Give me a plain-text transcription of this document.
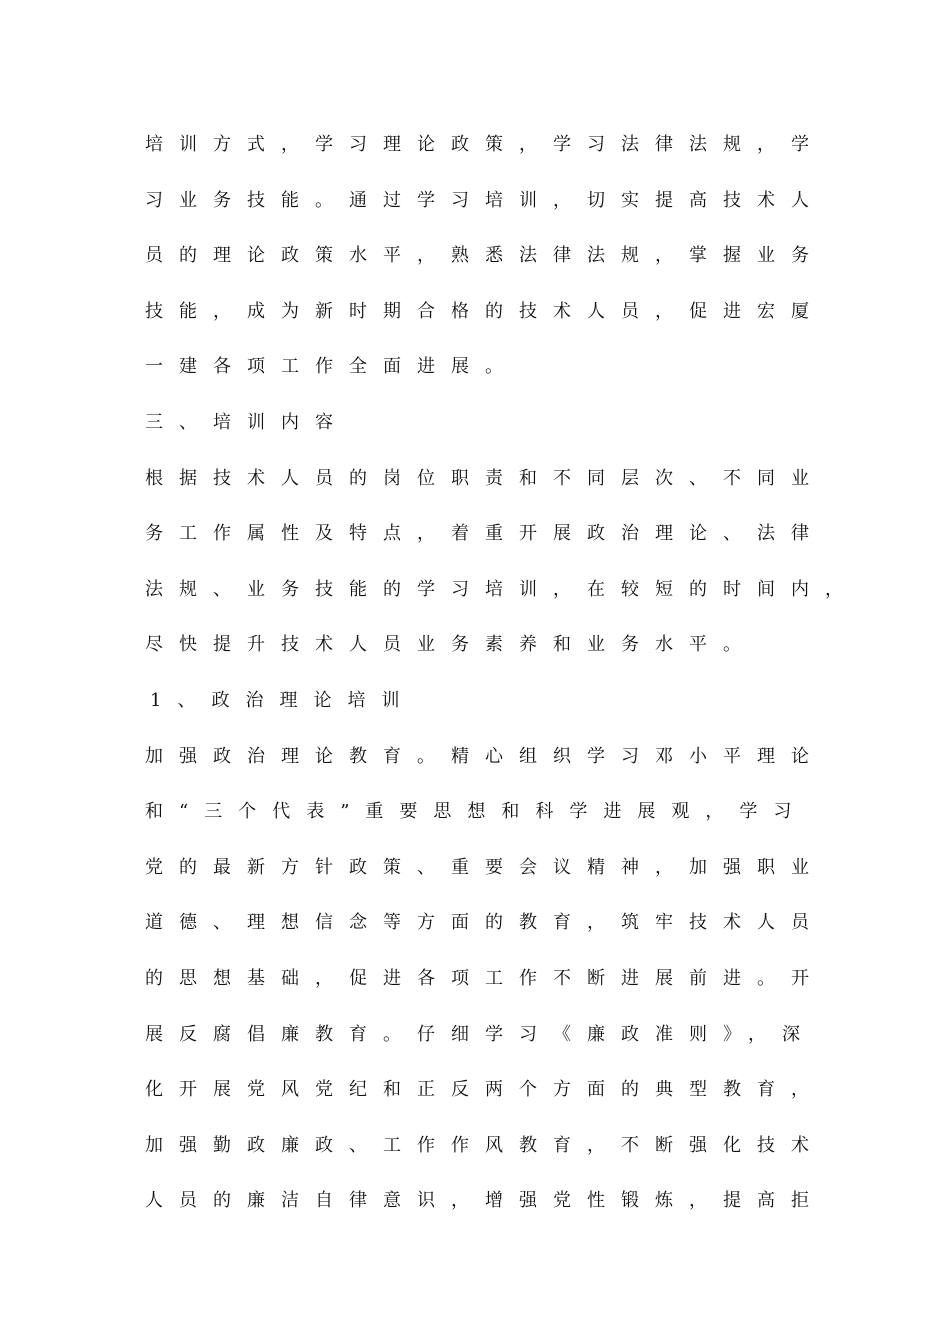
培训方式，学习理论政策，学习法律法规，学
习业务技能。通过学习培训，切实提高技术人
员的理论政策水平，熟悉法律法规，掌握业务
技能，成为新时期合格的技术人员，促进宏厦
一建各项工作全面进展。
三、培训内容
根据技术人员的岗位职责和不同层次、不同业
务工作属性及特点，着重开展政治理论、法律
法规、业务技能的学习培训，在较短的时间内，
尽快提升技术人员业务素养和业务水平。
1、政治理论培训
加强政治理论教育。精心组织学习邓小平理论
和“三个代表”重要思想和科学进展观，学习
党的最新方针政策、重要会议精神，加强职业
道德、理想信念等方面的教育，筑牢技术人员
的思想基础，促进各项工作不断进展前进。开
展反腐倡廉教育。仔细学习《廉政准则》，深
化开展党风党纪和正反两个方面的典型教育，
加强勤政廉政、工作作风教育，不断强化技术
人员的廉洁自律意识，增强党性锻炼，提高拒
